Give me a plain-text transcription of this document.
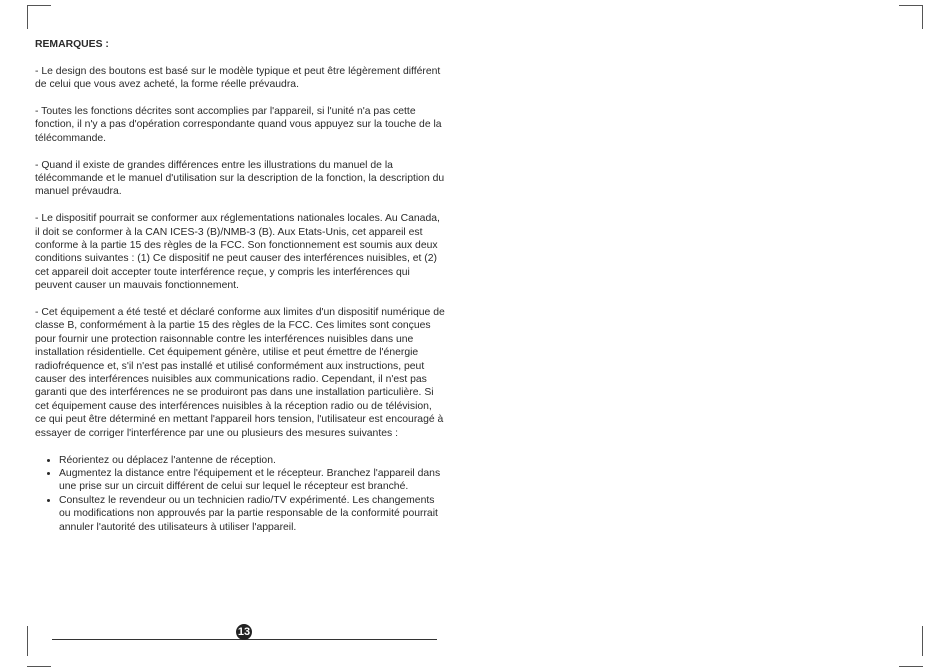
REMARQUES :

- Le design des boutons est basé sur le modèle typique et peut être légèrement différent de celui que vous avez acheté, la forme réelle prévaudra.

- Toutes les fonctions décrites sont accomplies par l'appareil, si l'unité n'a pas cette fonction, il n'y a pas d'opération correspondante quand vous appuyez sur la touche de la télécommande.

- Quand il existe de grandes différences entre les illustrations du manuel de la télécommande et le manuel d'utilisation sur la description de la fonction, la description du manuel prévaudra.

- Le dispositif pourrait se conformer aux réglementations nationales locales. Au Canada, il doit se conformer à la CAN ICES-3 (B)/NMB-3 (B). Aux Etats-Unis, cet appareil est conforme à la partie 15 des règles de la FCC. Son fonctionnement est soumis aux deux conditions suivantes : (1) Ce dispositif ne peut causer des interférences nuisibles, et (2) cet appareil doit accepter toute interférence reçue, y compris les interférences qui peuvent causer un mauvais fonctionnement.

- Cet équipement a été testé et déclaré conforme aux limites d'un dispositif numérique de classe B, conformément à la partie 15 des règles de la FCC. Ces limites sont conçues pour fournir une protection raisonnable contre les interférences nuisibles dans une installation résidentielle. Cet équipement génère, utilise et peut émettre de l'énergie radiofréquence et, s'il n'est pas installé et utilisé conformément aux instructions, peut causer des interférences nuisibles aux communications radio. Cependant, il n'est pas garanti que des interférences ne se produiront pas dans une installation particulière. Si cet équipement cause des interférences nuisibles à la réception radio ou de télévision, ce qui peut être déterminé en mettant l'appareil hors tension, l'utilisateur est encouragé à essayer de corriger l'interférence par une ou plusieurs des mesures suivantes :

• Réorientez ou déplacez l'antenne de réception.
• Augmentez la distance entre l'équipement et le récepteur. Branchez l'appareil dans une prise sur un circuit différent de celui sur lequel le récepteur est branché.
• Consultez le revendeur ou un technicien radio/TV expérimenté. Les changements ou modifications non approuvés par la partie responsable de la conformité pourrait annuler l'autorité des utilisateurs à utiliser l'appareil.
13
